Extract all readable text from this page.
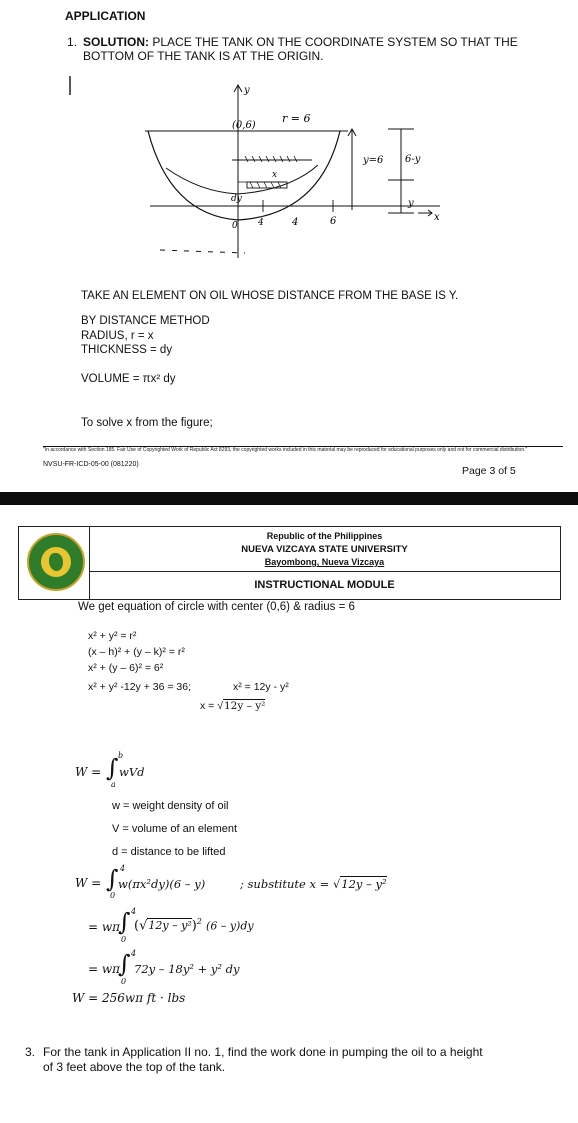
APPLICATION
1. SOLUTION: PLACE THE TANK ON THE COORDINATE SYSTEM SO THAT THE
BOTTOM OF THE TANK IS AT THE ORIGIN.
y
(0,6)
r = 6
y=6 6-y
y
x
dy
0 4	4	6	x
TAKE AN ELEMENT ON OIL WHOSE DISTANCE FROM THE BASE IS Y.
BY DISTANCE METHOD
RADIUS, r = x
THICKNESS = dy
VOLUME = πx² dy
To solve x from the figure;
"In accordance with Section 185. Fair Use of Copyrighted Work of Republic Act 8293, the copyrighted works included in this material may be reproduced for educational purposes only and not for commercial distribution."
NVSU-FR-ICD-05-00 (081220)
Page 3 of 5
Republic of the Philippines
NUEVA VIZCAYA STATE UNIVERSITY
Bayombong, Nueva Vizcaya
INSTRUCTIONAL MODULE
We get equation of circle with center (0,6) & radius = 6
x² + y² = r²
(x – h)² + (y – k)² = r²
x² + (y – 6)² = 6²
x² + y² -12y + 36 = 36;	x² = 12y - y²
x = √12y – y²
W = ∫ b
a
wVd
w = weight density of oil
V = volume of an element
d = distance to be lifted
W = ∫ 4
0
w(πx²dy)(6 – y)	; substitute x = √12y – y²
= wπ
∫ 4
0
(√12y – y²)$^2$ (6 – y)dy
= wπ
∫ 4
0
72y – 18y² + y² dy
W = 256wπ ft · lbs
3. For the tank in Application II no. 1, find the work done in pumping the oil to a height
of 3 feet above the top of the tank.
